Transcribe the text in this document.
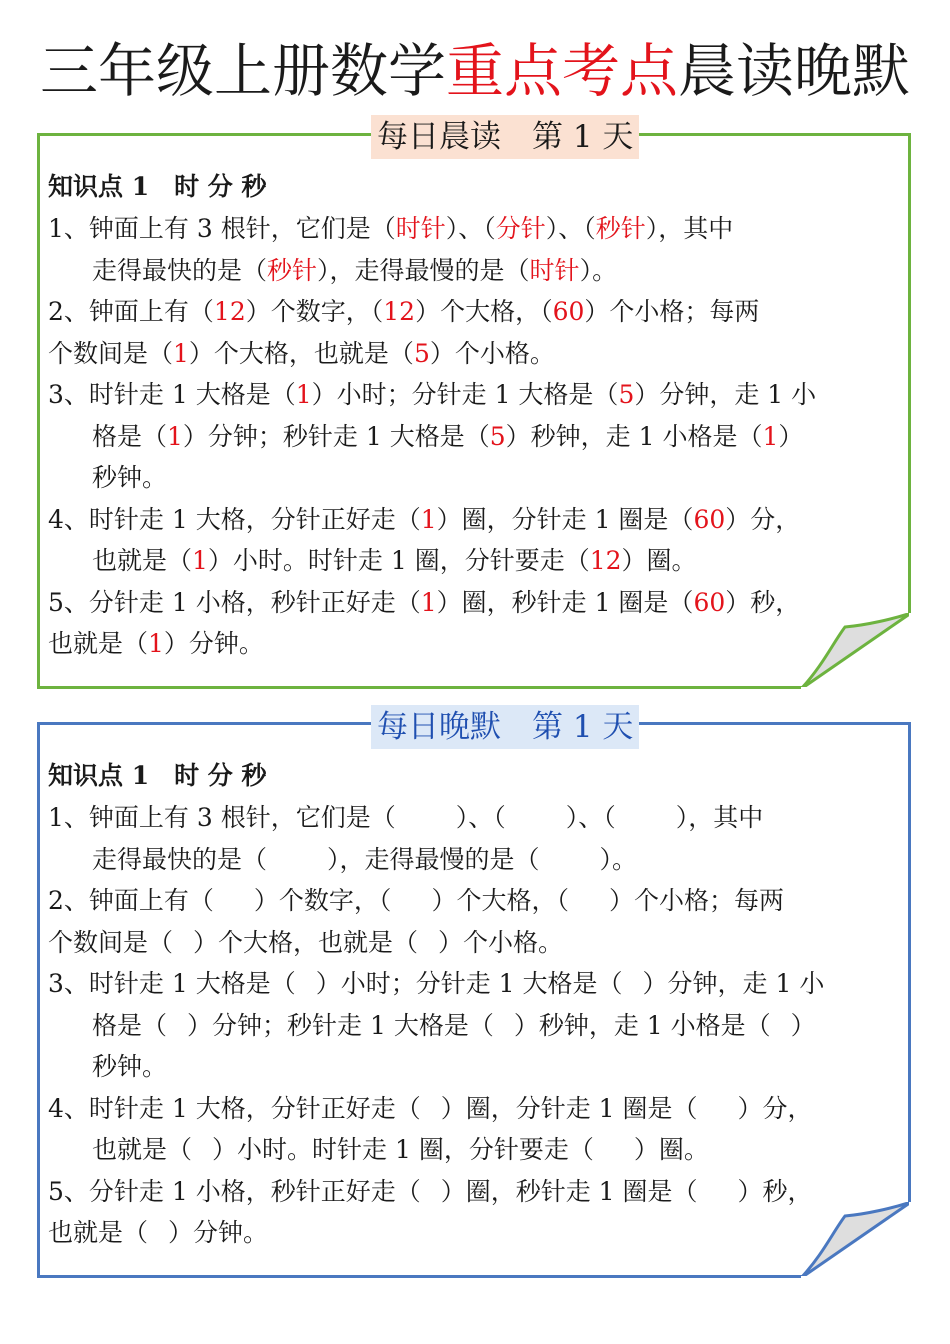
三年级上册数学重点考点晨读晚默
每日晨读　第 1 天
知识点 1　时 分 秒
1、钟面上有 3 根针，它们是（时针）、（分针）、（秒针），其中
走得最快的是（秒针），走得最慢的是（时针）。
2、钟面上有（12）个数字，（12）个大格，（60）个小格；每两
个数间是（1）个大格，也就是（5）个小格。
3、时针走 1 大格是（1）小时；分针走 1 大格是（5）分钟，走 1 小
格是（1）分钟；秒针走 1 大格是（5）秒钟，走 1 小格是（1）
秒钟。
4、时针走 1 大格，分针正好走（1）圈，分针走 1 圈是（60）分，
也就是（1）小时。时针走 1 圈，分针要走（12）圈。
5、分针走 1 小格，秒针正好走（1）圈，秒针走 1 圈是（60）秒，
也就是（1）分钟。
每日晚默　第 1 天
知识点 1　时 分 秒
1、钟面上有 3 根针，它们是（ ）、（ ）、（ ），其中
走得最快的是（ ），走得最慢的是（ ）。
2、钟面上有（ ）个数字，（ ）个大格，（ ）个小格；每两
个数间是（ ）个大格，也就是（ ）个小格。
3、时针走 1 大格是（ ）小时；分针走 1 大格是（ ）分钟，走 1 小
格是（ ）分钟；秒针走 1 大格是（ ）秒钟，走 1 小格是（ ）
秒钟。
4、时针走 1 大格，分针正好走（ ）圈，分针走 1 圈是（ ）分，
也就是（ ）小时。时针走 1 圈，分针要走（ ）圈。
5、分针走 1 小格，秒针正好走（ ）圈，秒针走 1 圈是（ ）秒，
也就是（ ）分钟。
